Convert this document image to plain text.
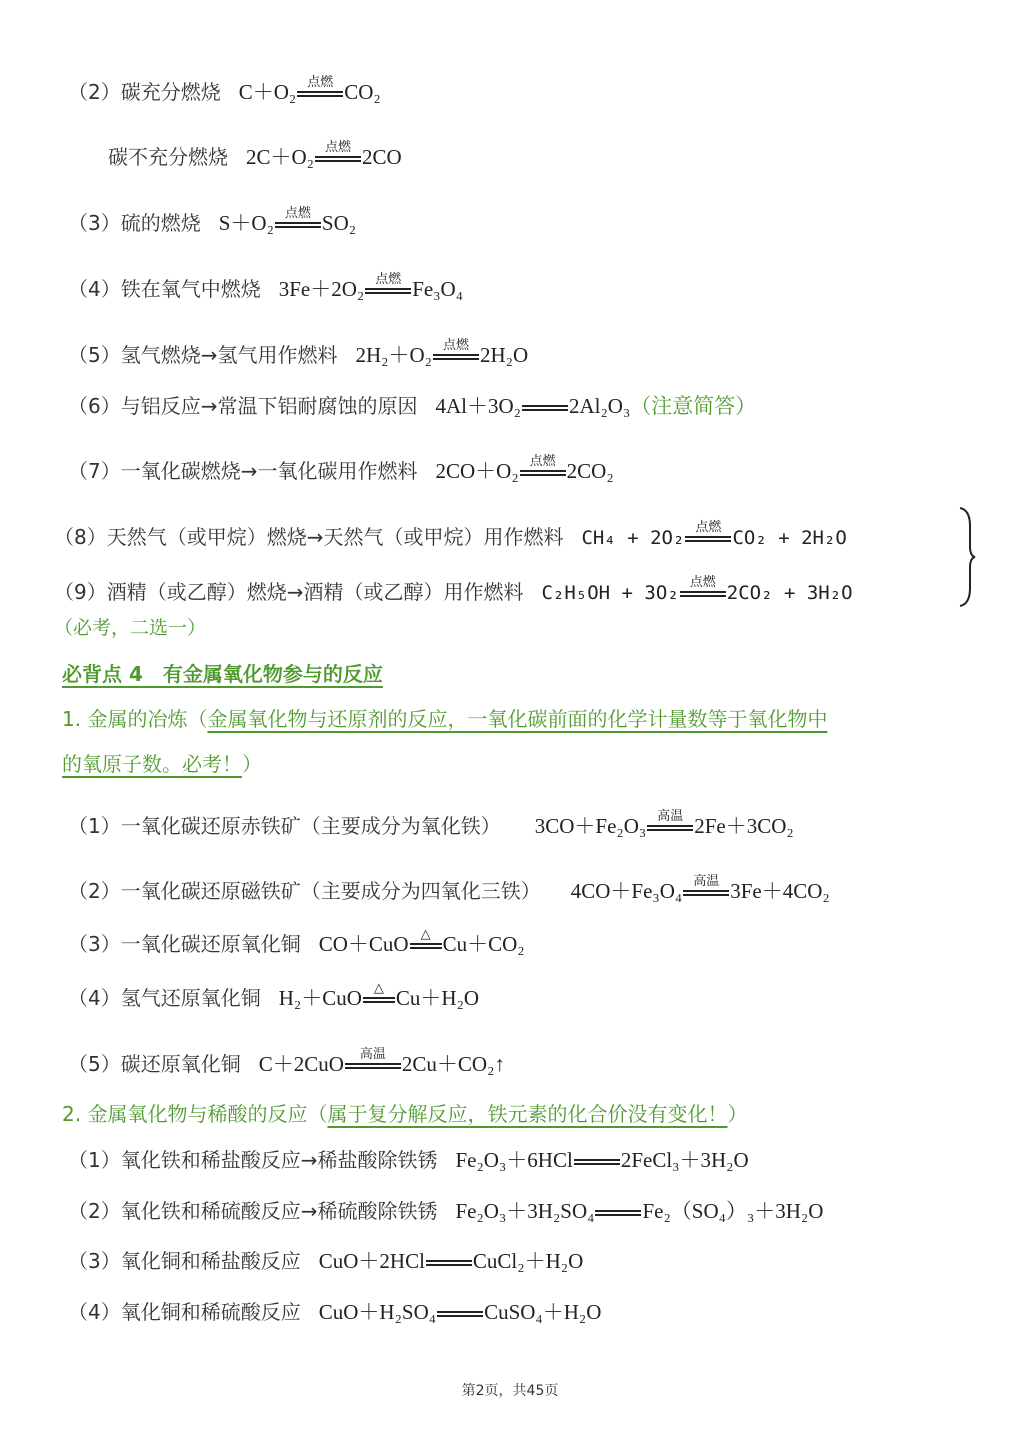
（2）碳充分燃烧 C＋O₂ 点燃 CO₂
碳不充分燃烧 2C＋O₂ 点燃 2CO
（3）硫的燃烧 S＋O₂ 点燃 SO₂
（4）铁在氧气中燃烧 3Fe＋2O₂ 点燃 Fe₃O₄
（5）氢气燃烧→氢气用作燃料 2H₂＋O₂ 点燃 2H₂O
（6）与铝反应→常温下铝耐腐蚀的原因 4Al＋3O₂ 2Al₂O₃（注意简答）
（7）一氧化碳燃烧→一氧化碳用作燃料 2CO＋O₂ 点燃 2CO₂
（8）天然气（或甲烷）燃烧→天然气（或甲烷）用作燃料 CH₄ + 2O₂ 点燃 CO₂ + 2H₂O
（9）酒精（或乙醇）燃烧→酒精（或乙醇）用作燃料 C₂H₅OH + 3O₂ 点燃 2CO₂ + 3H₂O
（必考，二选一）
必背点 4　有金属氧化物参与的反应
1. 金属的冶炼（金属氧化物与还原剂的反应，一氧化碳前面的化学计量数等于氧化物中
的氧原子数。必考！）
（1）一氧化碳还原赤铁矿（主要成分为氧化铁） 3CO＋Fe₂O₃ 高温 2Fe＋3CO₂
（2）一氧化碳还原磁铁矿（主要成分为四氧化三铁） 4CO＋Fe₃O₄ 高温 3Fe＋4CO₂
（3）一氧化碳还原氧化铜 CO＋CuO △ Cu＋CO₂
（4）氢气还原氧化铜 H₂＋CuO △ Cu＋H₂O
（5）碳还原氧化铜 C＋2CuO	高温 2Cu＋CO₂↑
2. 金属氧化物与稀酸的反应（属于复分解反应，铁元素的化合价没有变化！）
（1）氧化铁和稀盐酸反应→稀盐酸除铁锈 Fe₂O₃＋6HCl 2FeCl₃＋3H₂O
（2）氧化铁和稀硫酸反应→稀硫酸除铁锈 Fe₂O₃＋3H₂SO₄ Fe₂（SO₄）₃＋3H₂O
（3）氧化铜和稀盐酸反应 CuO＋2HCl CuCl₂＋H₂O
（4）氧化铜和稀硫酸反应 CuO＋H₂SO₄ CuSO₄＋H₂O
第2页，共45页
